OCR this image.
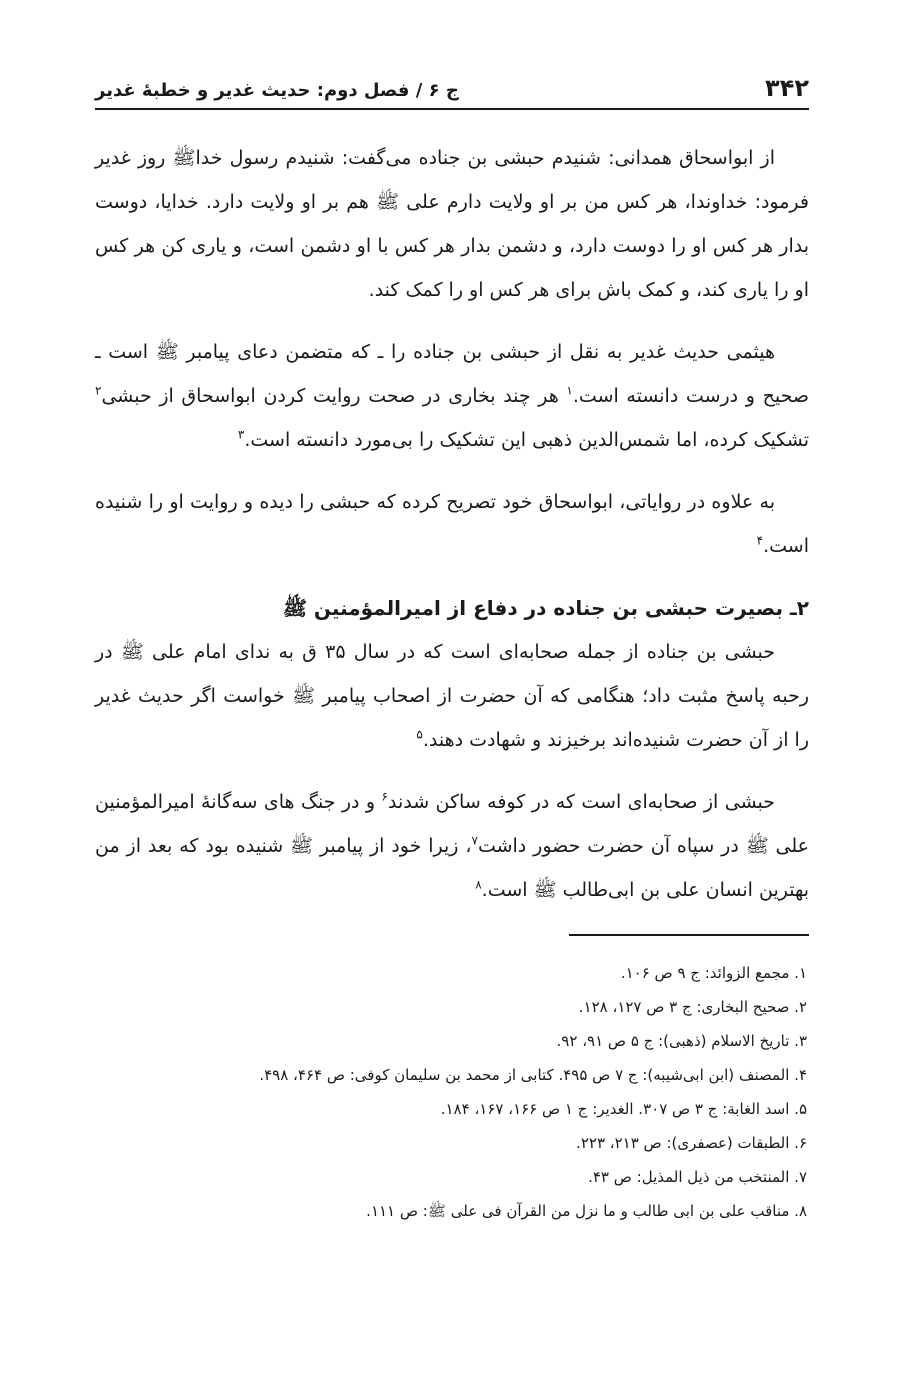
۳۴۲
ج ۶ / فصل دوم: حدیث غدیر و خطبهٔ غدیر

از ابواسحاق همدانی: شنیدم حبشی بن جناده می‌گفت: شنیدم رسول خداﷺ روز غدیر فرمود: خداوندا، هر کس من بر او ولایت دارم علی ﷺ هم بر او ولایت دارد. خدایا، دوست بدار هر کس او را دوست دارد، و دشمن بدار هر کس با او دشمن است، و یاری کن هر کس او را یاری کند، و کمک باش برای هر کس او را کمک کند.

هیثمی حدیث غدیر به نقل از حبشی بن جناده را ـ که متضمن دعای پیامبر ﷺ است ـ صحیح و درست دانسته است.$^۱$ هر چند بخاری در صحت روایت کردن ابواسحاق از حبشی$^۲$ تشکیک کرده، اما شمس‌الدین ذهبی این تشکیک را بی‌مورد دانسته است.$^۳$

به علاوه در روایاتی، ابواسحاق خود تصریح کرده که حبشی را دیده و روایت او را شنیده است.$^۴$

۲ـ بصیرت حبشی بن جناده در دفاع از امیرالمؤمنین ﷺ

حبشی بن جناده از جمله صحابه‌ای است که در سال ۳۵ ق به ندای امام علی ﷺ در رحبه پاسخ مثبت داد؛ هنگامی که آن حضرت از اصحاب پیامبر ﷺ خواست اگر حدیث غدیر را از آن حضرت شنیده‌اند برخیزند و شهادت دهند.$^۵$

حبشی از صحابه‌ای است که در کوفه ساکن شدند$^۶$ و در جنگ های سه‌گانهٔ امیرالمؤمنین علی ﷺ در سپاه آن حضرت حضور داشت$^۷$، زیرا خود از پیامبر ﷺ شنیده بود که بعد از من بهترین انسان علی بن ابی‌طالب ﷺ است.$^۸$

۱. مجمع الزوائد: ج ۹ ص ۱۰۶.

۲. صحیح البخاری: ج ۳ ص ۱۲۷، ۱۲۸.

۳. تاریخ الاسلام (ذهبی): ج ۵ ص ۹۱، ۹۲.

۴. المصنف (ابن ابی‌شیبه): ج ۷ ص ۴۹۵. کتابی از محمد بن سلیمان کوفی: ص ۴۶۴، ۴۹۸.

۵. اسد الغابة: ج ۳ ص ۳۰۷. الغدیر: ج ۱ ص ۱۶۶، ۱۶۷، ۱۸۴.

۶. الطبقات (عصفری): ص ۲۱۳، ۲۲۳.

۷. المنتخب من ذیل المذیل: ص ۴۳.

۸. مناقب علی بن ابی طالب و ما نزل من القرآن فی علی ﷺ: ص ۱۱۱.
